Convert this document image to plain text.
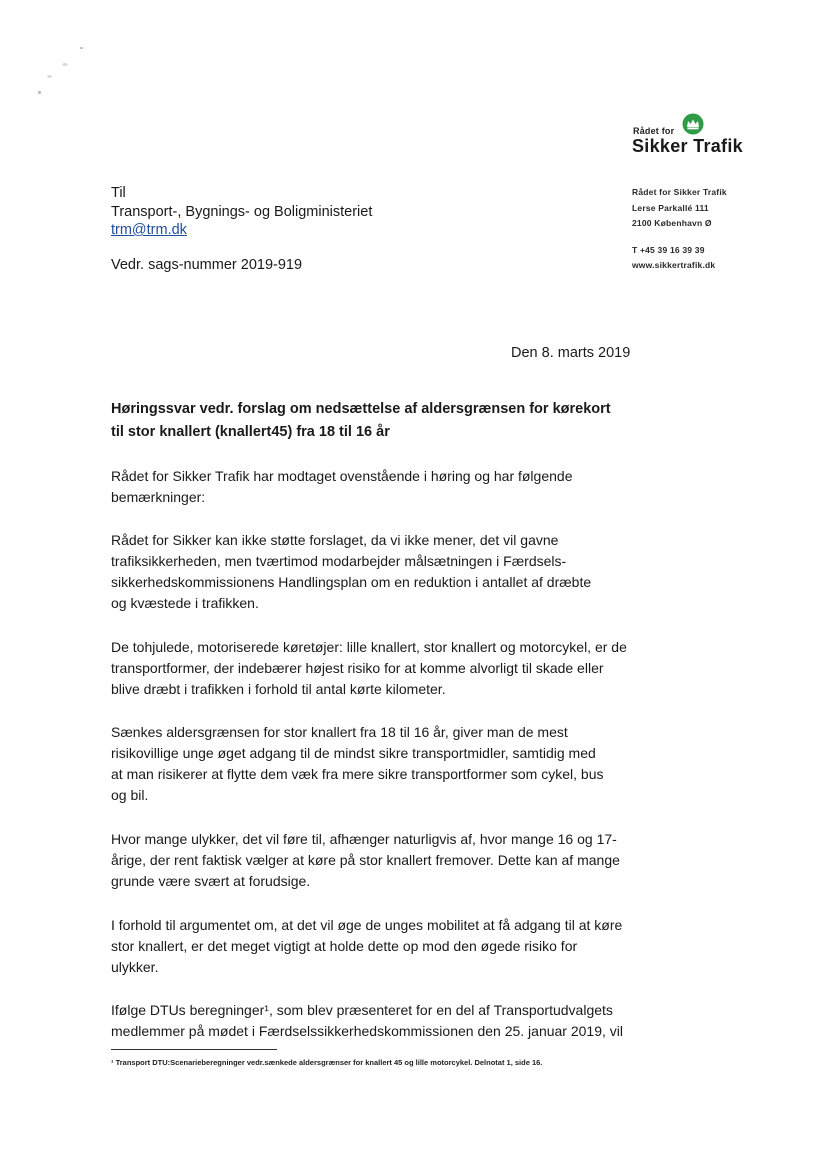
Rådet for
Sikker Trafik
Rådet for Sikker Trafik
Lerse Parkallé 111
2100 København Ø
T +45 39 16 39 39
www.sikkertrafik.dk
Til
Transport-, Bygnings- og Boligministeriet
trm@trm.dk
Vedr. sags-nummer 2019-919
Den 8. marts 2019
Høringssvar vedr. forslag om nedsættelse af aldersgrænsen for kørekort
til stor knallert (knallert45) fra 18 til 16 år
Rådet for Sikker Trafik har modtaget ovenstående i høring og har følgende
bemærkninger:
Rådet for Sikker kan ikke støtte forslaget, da vi ikke mener, det vil gavne
trafiksikkerheden, men tværtimod modarbejder målsætningen i Færdsels-
sikkerhedskommissionens Handlingsplan om en reduktion i antallet af dræbte
og kvæstede i trafikken.
De tohjulede, motoriserede køretøjer: lille knallert, stor knallert og motorcykel, er de
transportformer, der indebærer højest risiko for at komme alvorligt til skade eller
blive dræbt i trafikken i forhold til antal kørte kilometer.
Sænkes aldersgrænsen for stor knallert fra 18 til 16 år, giver man de mest
risikovillige unge øget adgang til de mindst sikre transportmidler, samtidig med
at man risikerer at flytte dem væk fra mere sikre transportformer som cykel, bus
og bil.
Hvor mange ulykker, det vil føre til, afhænger naturligvis af, hvor mange 16 og 17-
årige, der rent faktisk vælger at køre på stor knallert fremover. Dette kan af mange
grunde være svært at forudsige.
I forhold til argumentet om, at det vil øge de unges mobilitet at få adgang til at køre
stor knallert, er det meget vigtigt at holde dette op mod den øgede risiko for
ulykker.
Ifølge DTUs beregninger¹, som blev præsenteret for en del af Transportudvalgets
medlemmer på mødet i Færdselssikkerhedskommissionen den 25. januar 2019, vil
¹ Transport DTU:Scenarieberegninger vedr.sænkede aldersgrænser for knallert 45 og lille motorcykel. Delnotat 1, side 16.
